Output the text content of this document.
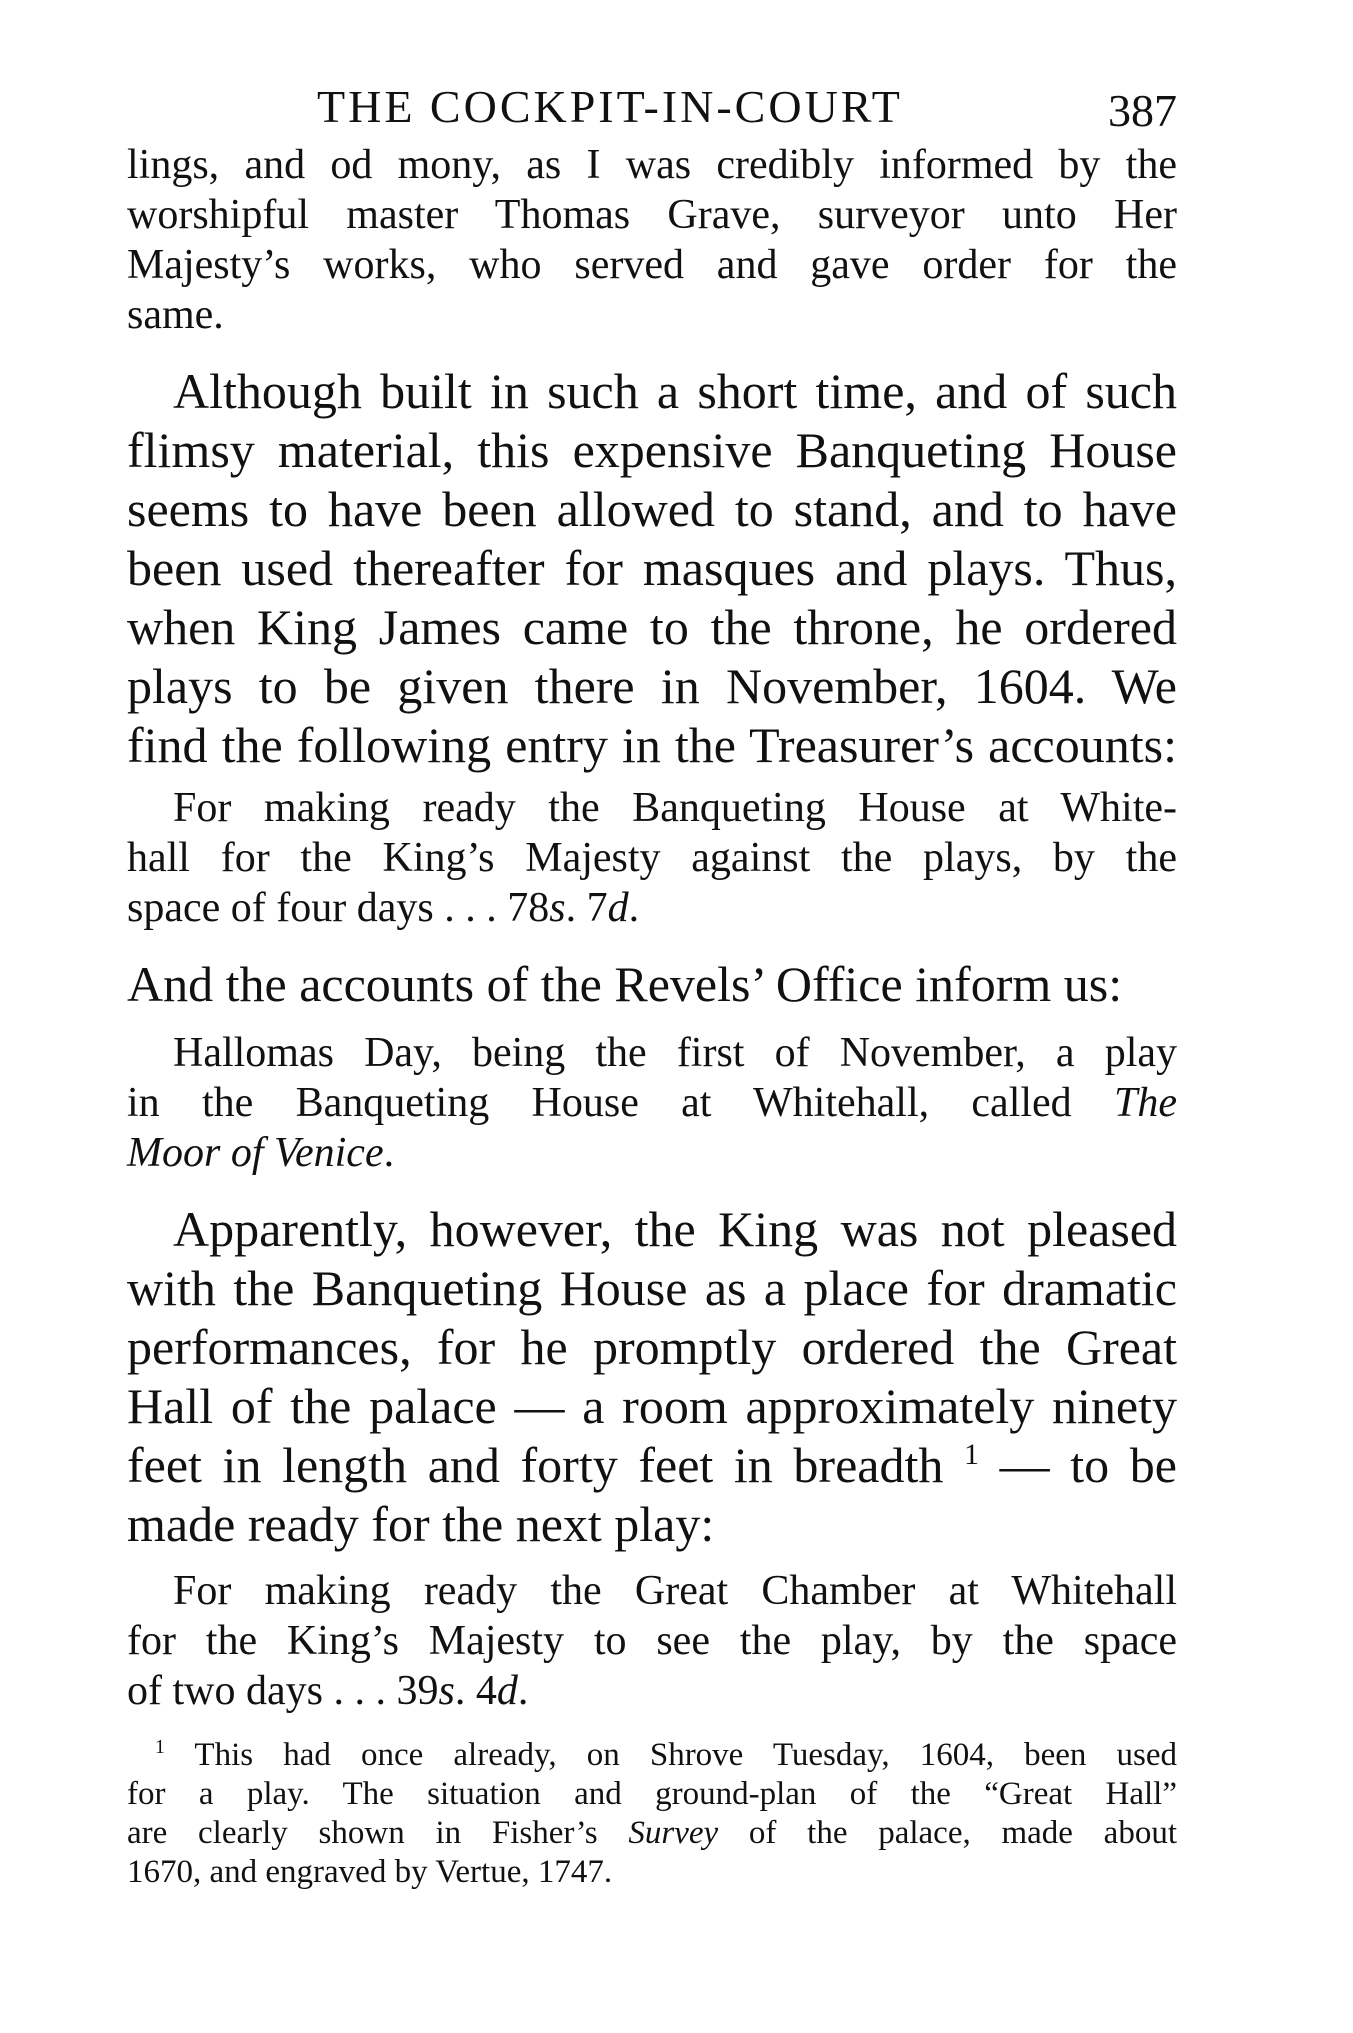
THE COCKPIT-IN-COURT	387
lings, and od mony, as I was credibly informed by the
worshipful master Thomas Grave, surveyor unto Her
Majesty’s works, who served and gave order for the
same.
Although built in such a short time, and of such
flimsy material, this expensive Banqueting House
seems to have been allowed to stand, and to have
been used thereafter for masques and plays. Thus,
when King James came to the throne, he ordered
plays to be given there in November, 1604. We
find the following entry in the Treasurer’s accounts:
For making ready the Banqueting House at White-
hall for the King’s Majesty against the plays, by the
space of four days . . . 78s. 7d.
And the accounts of the Revels’ Office inform us:
Hallomas Day, being the first of November, a play
in the Banqueting House at Whitehall, called The
Moor of Venice.
Apparently, however, the King was not pleased
with the Banqueting House as a place for dramatic
performances, for he promptly ordered the Great
Hall of the palace — a room approximately ninety
feet in length and forty feet in breadth $^1$ — to be
made ready for the next play:
For making ready the Great Chamber at Whitehall
for the King’s Majesty to see the play, by the space
of two days . . . 39s. 4d.
$^1$ This had once already, on Shrove Tuesday, 1604, been used
for a play. The situation and ground-plan of the “Great Hall”
are clearly shown in Fisher’s Survey of the palace, made about
1670, and engraved by Vertue, 1747.
